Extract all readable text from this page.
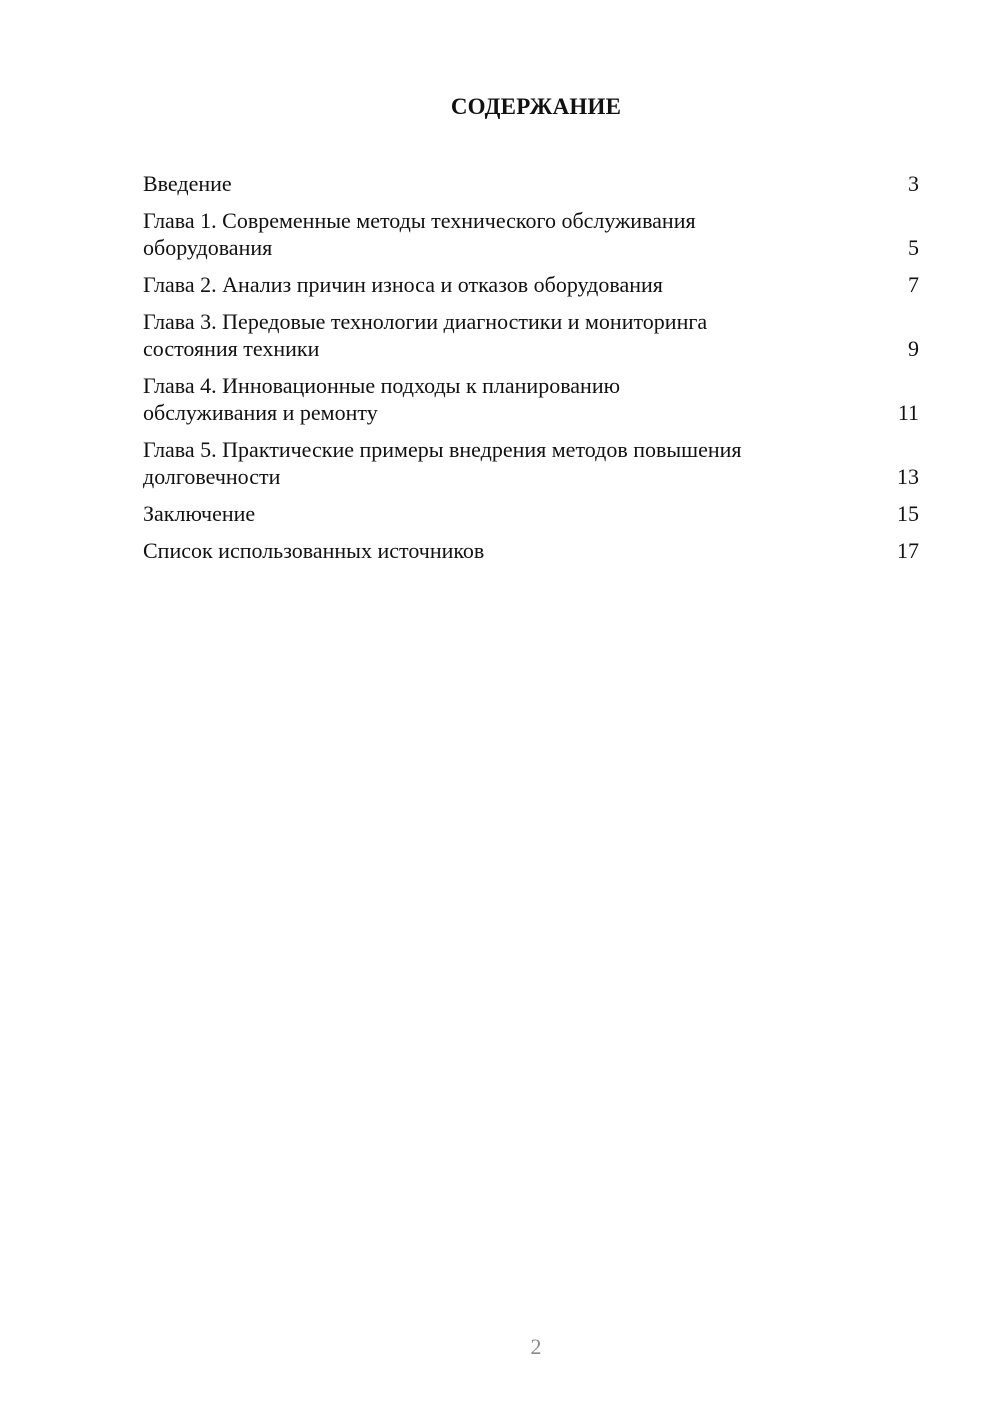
СОДЕРЖАНИЕ
Введение	3
Глава 1. Современные методы технического обслуживания оборудования	5
Глава 2. Анализ причин износа и отказов оборудования	7
Глава 3. Передовые технологии диагностики и мониторинга состояния техники	9
Глава 4. Инновационные подходы к планированию обслуживания и ремонту	11
Глава 5. Практические примеры внедрения методов повышения долговечности	13
Заключение	15
Список использованных источников	17
2
